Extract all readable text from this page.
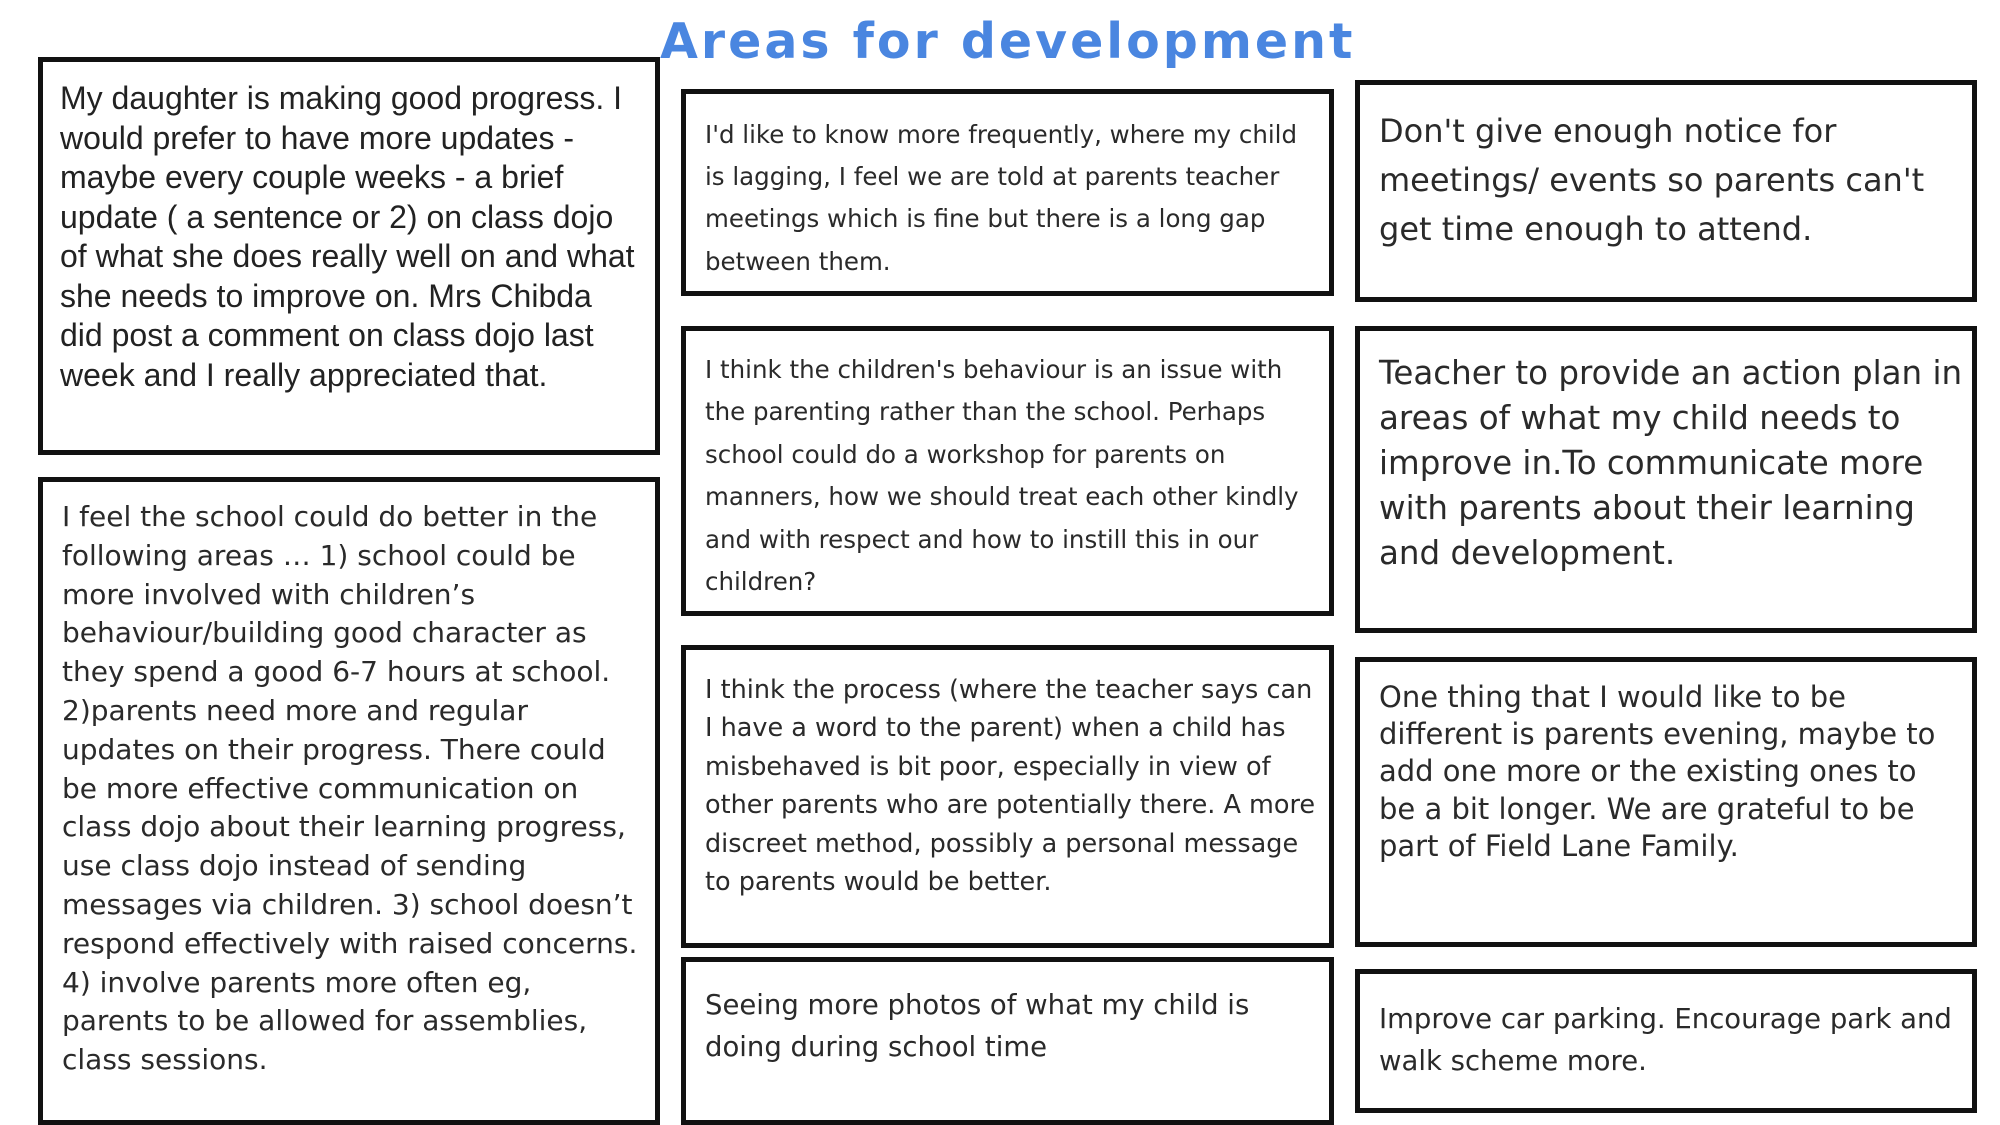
Areas for development

My daughter is making good progress. I would prefer to have more updates - maybe every couple weeks - a brief update ( a sentence or 2) on class dojo of what she does really well on and what she needs to improve on. Mrs Chibda did post a comment on class dojo last week and I really appreciated that.

I feel the school could do better in the following areas … 1) school could be more involved with children’s behaviour/building good character as they spend a good 6-7 hours at school. 2)parents need more and regular updates on their progress. There could be more effective communication on class dojo about their learning progress, use class dojo instead of sending messages via children. 3) school doesn’t respond effectively with raised concerns. 4) involve parents more often eg, parents to be allowed for assemblies, class sessions.

I'd like to know more frequently, where my child is lagging, I feel we are told at parents teacher meetings which is fine but there is a long gap between them.

I think the children's behaviour is an issue with the parenting rather than the school. Perhaps school could do a workshop for parents on manners, how we should treat each other kindly and with respect and how to instill this in our children?

I think the process (where the teacher says can I have a word to the parent) when a child has misbehaved is bit poor, especially in view of other parents who are potentially there. A more discreet method, possibly a personal message to parents would be better.

Seeing more photos of what my child is doing during school time

Don't give enough notice for meetings/ events so parents can't get time enough to attend.

Teacher to provide an action plan in areas of what my child needs to improve in.To communicate more with parents about their learning and development.

One thing that I would like to be different is parents evening, maybe to add one more or the existing ones to be a bit longer. We are grateful to be part of Field Lane Family.

Improve car parking. Encourage park and walk scheme more.
